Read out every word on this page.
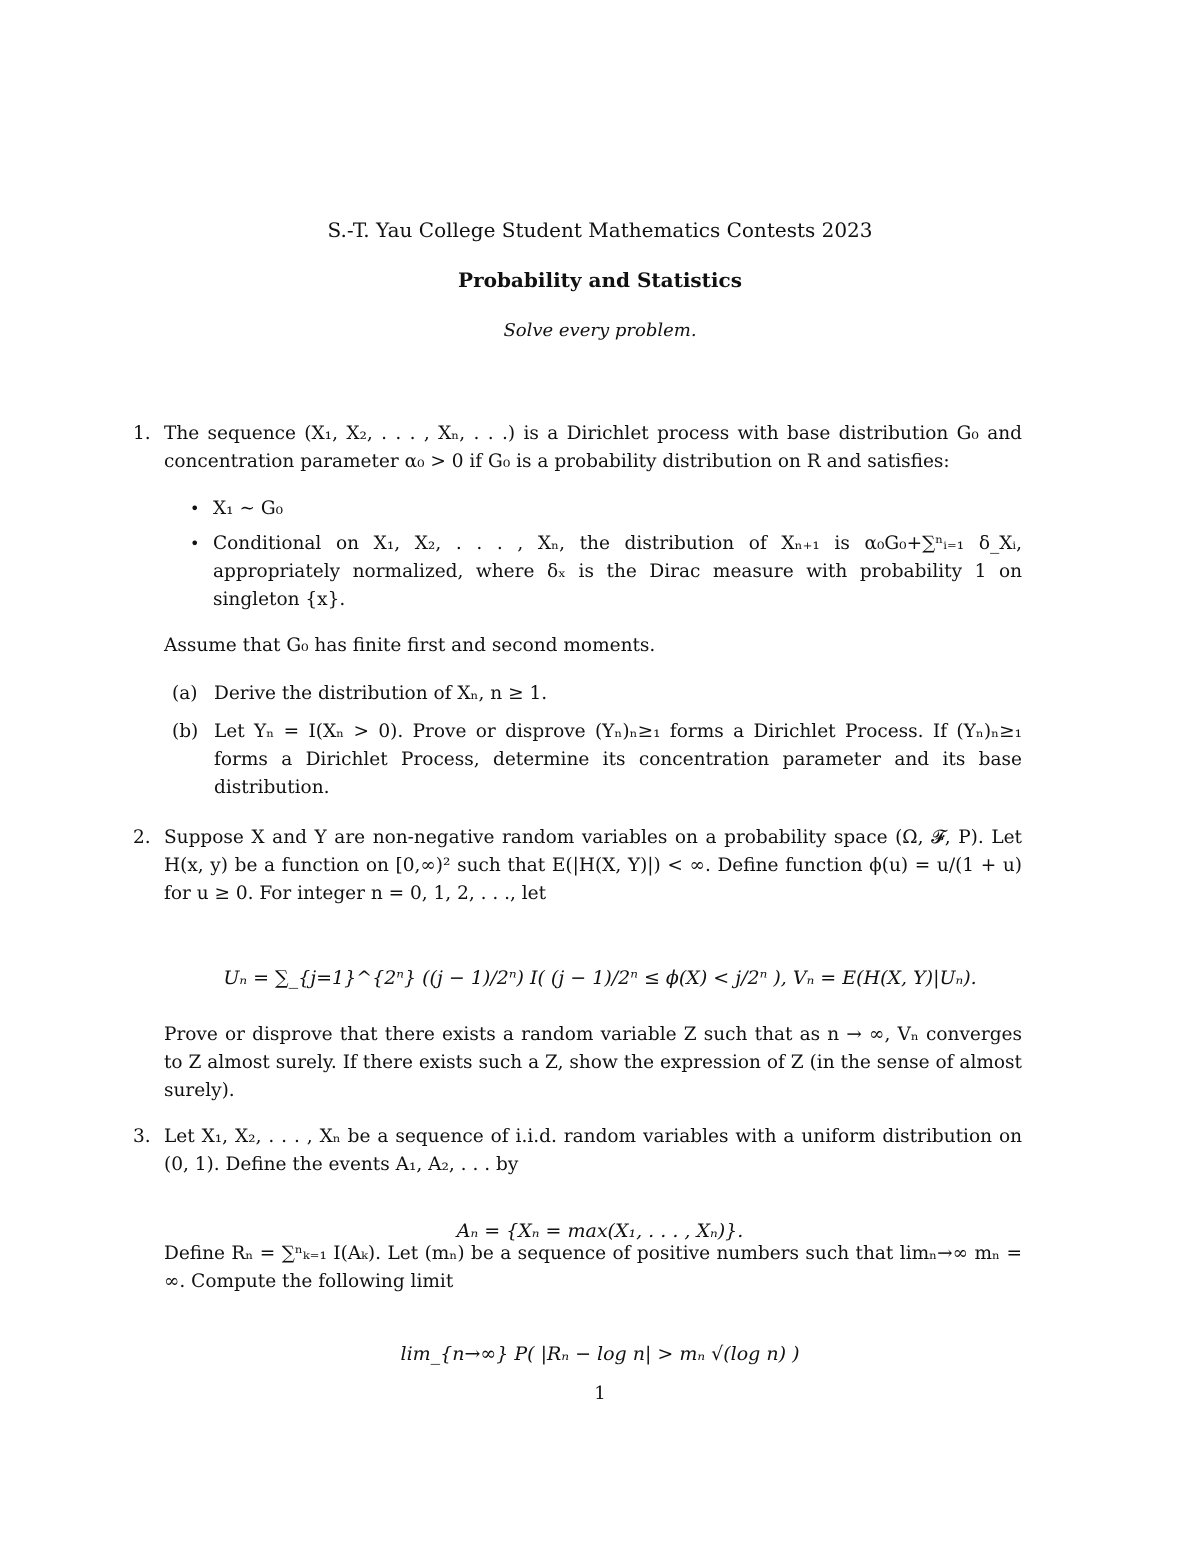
S.-T. Yau College Student Mathematics Contests 2023

Probability and Statistics

Solve every problem.

1. The sequence (X₁, X₂, . . . , Xₙ, . . .) is a Dirichlet process with base distribution G₀ and concentration parameter α₀ > 0 if G₀ is a probability distribution on R and satisfies:

• X₁ ∼ G₀

• Conditional on X₁, X₂, . . . , Xₙ, the distribution of Xₙ₊₁ is α₀G₀+∑ⁿᵢ₌₁ δ_Xᵢ, appropriately normalized, where δₓ is the Dirac measure with probability 1 on singleton {x}.

Assume that G₀ has finite first and second moments.

(a) Derive the distribution of Xₙ, n ≥ 1.

(b) Let Yₙ = I(Xₙ > 0). Prove or disprove (Yₙ)ₙ≥₁ forms a Dirichlet Process. If (Yₙ)ₙ≥₁ forms a Dirichlet Process, determine its concentration parameter and its base distribution.

2. Suppose X and Y are non-negative random variables on a probability space (Ω, 𝓕, P). Let H(x, y) be a function on [0,∞)² such that E(|H(X, Y)|) < ∞. Define function ϕ(u) = u/(1 + u) for u ≥ 0. For integer n = 0, 1, 2, . . ., let

Uₙ = ∑_{j=1}^{2ⁿ} ((j − 1)/2ⁿ) I( (j − 1)/2ⁿ ≤ ϕ(X) < j/2ⁿ ), Vₙ = E(H(X, Y)|Uₙ).

Prove or disprove that there exists a random variable Z such that as n → ∞, Vₙ converges to Z almost surely. If there exists such a Z, show the expression of Z (in the sense of almost surely).

3. Let X₁, X₂, . . . , Xₙ be a sequence of i.i.d. random variables with a uniform distribution on (0, 1). Define the events A₁, A₂, . . . by

Aₙ = {Xₙ = max(X₁, . . . , Xₙ)}.

Define Rₙ = ∑ⁿₖ₌₁ I(Aₖ). Let (mₙ) be a sequence of positive numbers such that limₙ→∞ mₙ = ∞. Compute the following limit

lim_{n→∞} P( |Rₙ − log n| > mₙ √(log n) )

1
